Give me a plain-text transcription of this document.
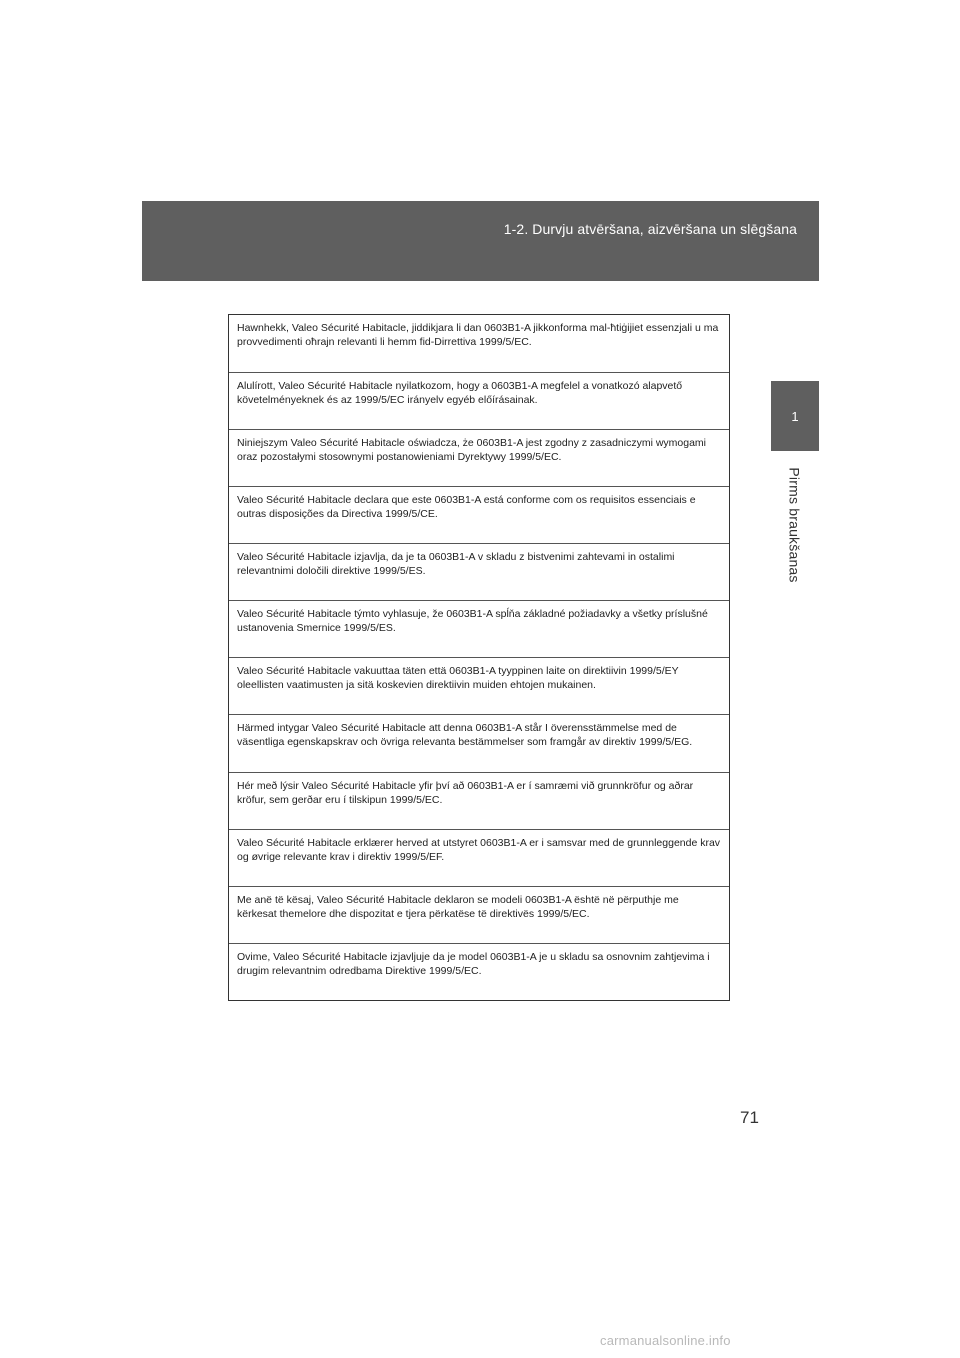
1-2. Durvju atvēršana, aizvēršana un slēgšana
1
Pirms braukšanas
Hawnhekk, Valeo Sécurité Habitacle, jiddikjara li dan 0603B1-A jikkonforma mal-ħtiġijiet essenzjali u ma provvedimenti oħrajn relevanti li hemm fid-Dirrettiva 1999/5/EC.
Alulírott, Valeo Sécurité Habitacle nyilatkozom, hogy a 0603B1-A megfelel a vonatkozó alapvető követelményeknek és az 1999/5/EC irányelv egyéb előírásainak.
Niniejszym Valeo Sécurité Habitacle oświadcza, że 0603B1-A jest zgodny z zasadniczymi wymogami oraz pozostałymi stosownymi postanowieniami Dyrektywy 1999/5/EC.
Valeo Sécurité Habitacle declara que este 0603B1-A está conforme com os requisitos essenciais e outras disposições da Directiva 1999/5/CE.
Valeo Sécurité Habitacle izjavlja, da je ta 0603B1-A v skladu z bistvenimi zahtevami in ostalimi relevantnimi določili direktive 1999/5/ES.
Valeo Sécurité Habitacle týmto vyhlasuje, že 0603B1-A spĺňa základné požiadavky a všetky príslušné ustanovenia Smernice 1999/5/ES.
Valeo Sécurité Habitacle vakuuttaa täten että 0603B1-A tyyppinen laite on direktiivin 1999/5/EY oleellisten vaatimusten ja sitä koskevien direktiivin muiden ehtojen mukainen.
Härmed intygar Valeo Sécurité Habitacle att denna 0603B1-A står I överensstämmelse med de väsentliga egenskapskrav och övriga relevanta bestämmelser som framgår av direktiv 1999/5/EG.
Hér með lýsir Valeo Sécurité Habitacle yfir því að 0603B1-A er í samræmi við grunnkröfur og aðrar kröfur, sem gerðar eru í tilskipun 1999/5/EC.
Valeo Sécurité Habitacle erklærer herved at utstyret 0603B1-A er i samsvar med de grunnleggende krav og øvrige relevante krav i direktiv 1999/5/EF.
Me anë të kësaj, Valeo Sécurité Habitacle deklaron se modeli 0603B1-A është në përputhje me kërkesat themelore dhe dispozitat e tjera përkatëse të direktivës 1999/5/EC.
Ovime, Valeo Sécurité Habitacle izjavljuje da je model 0603B1-A je u skladu sa osnovnim zahtjevima i drugim relevantnim odredbama Direktive 1999/5/EC.
71
carmanualsonline.info
